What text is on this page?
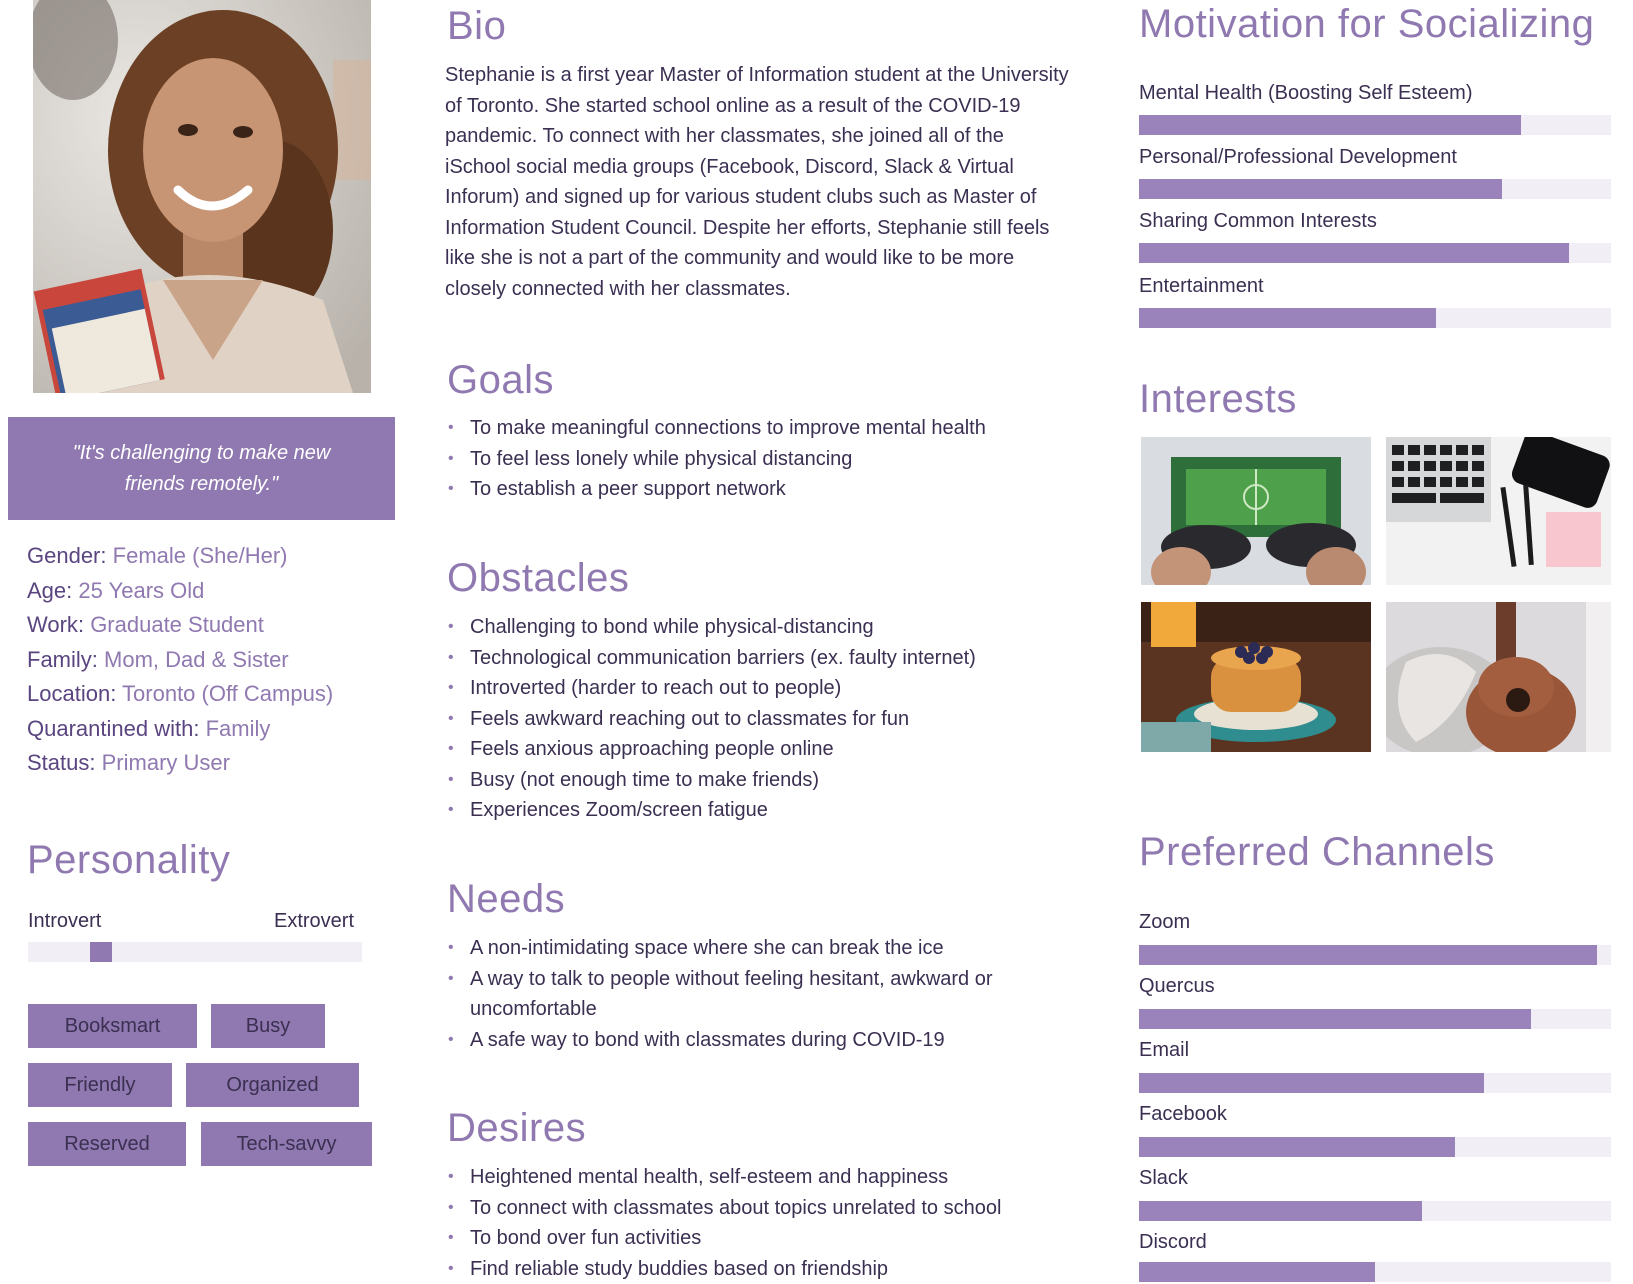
"It's challenging to make new friends remotely."
Gender: Female (She/Her)
Age: 25 Years Old
Work: Graduate Student
Family: Mom, Dad & Sister
Location: Toronto (Off Campus)
Quarantined with: Family
Status: Primary User
Personality
Introvert	Extrovert
Booksmart	Busy
Friendly	Organized
Reserved	Tech-savvy
Bio
Stephanie is a first year Master of Information student at the University of Toronto. She started school online as a result of the COVID-19 pandemic. To connect with her classmates, she joined all of the iSchool social media groups (Facebook, Discord, Slack & Virtual Inforum) and signed up for various student clubs such as Master of Information Student Council. Despite her efforts, Stephanie still feels like she is not a part of the community and would like to be more closely connected with her classmates.
Goals
• To make meaningful connections to improve mental health
• To feel less lonely while physical distancing
• To establish a peer support network
Obstacles
• Challenging to bond while physical-distancing
• Technological communication barriers (ex. faulty internet)
• Introverted (harder to reach out to people)
• Feels awkward reaching out to classmates for fun
• Feels anxious approaching people online
• Busy (not enough time to make friends)
• Experiences Zoom/screen fatigue
Needs
• A non-intimidating space where she can break the ice
• A way to talk to people without feeling hesitant, awkward or uncomfortable
• A safe way to bond with classmates during COVID-19
Desires
• Heightened mental health, self-esteem and happiness
• To connect with classmates about topics unrelated to school
• To bond over fun activities
• Find reliable study buddies based on friendship
Motivation for Socializing
Mental Health (Boosting Self Esteem)
Personal/Professional Development
Sharing Common Interests
Entertainment
Interests
Preferred Channels
Zoom
Quercus
Email
Facebook
Slack
Discord
